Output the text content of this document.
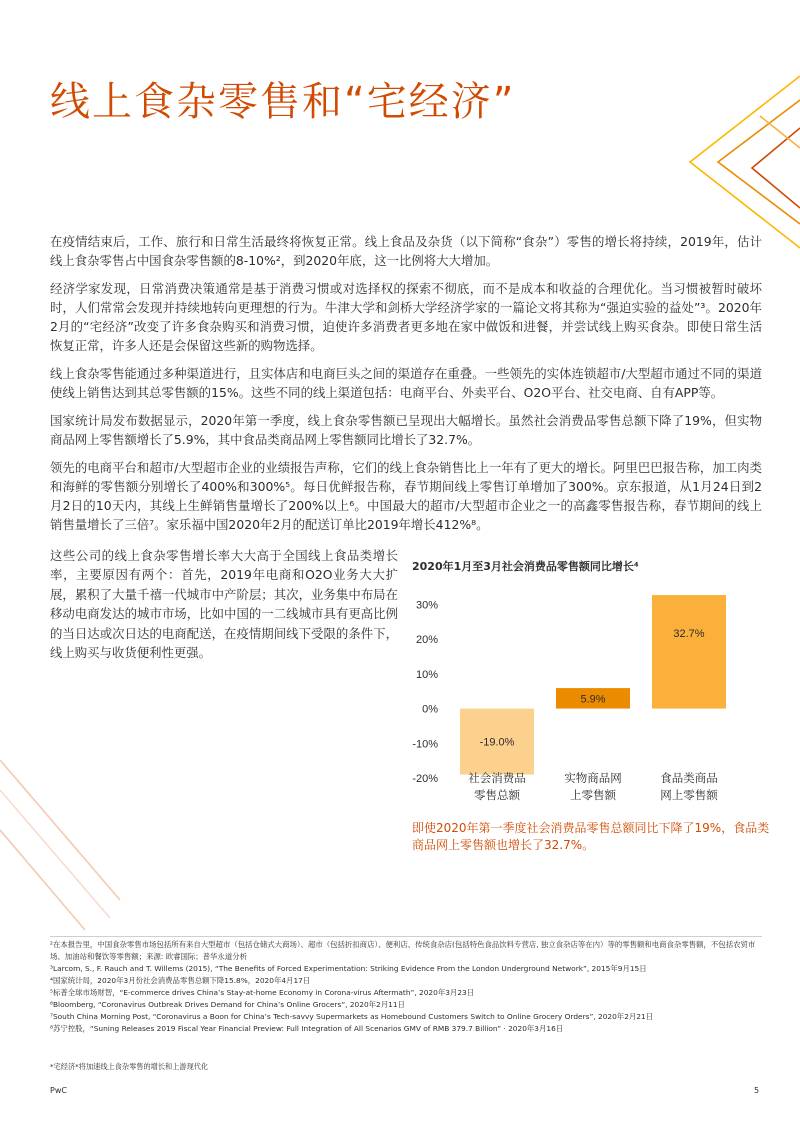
线上食杂零售和“宅经济”

在疫情结束后，工作、旅行和日常生活最终将恢复正常。线上食品及杂货（以下简称“食杂”）零售的增长将持续，2019年，估计线上食杂零售占中国食杂零售额的8-10%²，到2020年底，这一比例将大大增加。

经济学家发现，日常消费决策通常是基于消费习惯或对选择权的探索不彻底，而不是成本和收益的合理优化。当习惯被暂时破坏时，人们常常会发现并持续地转向更理想的行为。牛津大学和剑桥大学经济学家的一篇论文将其称为“强迫实验的益处”³。2020年2月的“宅经济”改变了许多食杂购买和消费习惯，迫使许多消费者更多地在家中做饭和进餐，并尝试线上购买食杂。即使日常生活恢复正常，许多人还是会保留这些新的购物选择。

线上食杂零售能通过多种渠道进行，且实体店和电商巨头之间的渠道存在重叠。一些领先的实体连锁超市/大型超市通过不同的渠道使线上销售达到其总零售额的15%。这些不同的线上渠道包括：电商平台、外卖平台、O2O平台、社交电商、自有APP等。

国家统计局发布数据显示，2020年第一季度，线上食杂零售额已呈现出大幅增长。虽然社会消费品零售总额下降了19%，但实物商品网上零售额增长了5.9%，其中食品类商品网上零售额同比增长了32.7%。

领先的电商平台和超市/大型超市企业的业绩报告声称，它们的线上食杂销售比上一年有了更大的增长。阿里巴巴报告称，加工肉类和海鲜的零售额分别增长了400%和300%⁵。每日优鲜报告称，春节期间线上零售订单增加了300%。京东报道，从1月24日到2月2日的10天内，其线上生鲜销售量增长了200%以上⁶。中国最大的超市/大型超市企业之一的高鑫零售报告称，春节期间的线上销售量增长了三倍⁷。家乐福中国2020年2月的配送订单比2019年增长412%⁸。

这些公司的线上食杂零售增长率大大高于全国线上食品类增长率，主要原因有两个：首先，2019年电商和O2O业务大大扩展，累积了大量千禧一代城市中产阶层；其次，业务集中布局在移动电商发达的城市市场，比如中国的一二线城市具有更高比例的当日达或次日达的电商配送，在疫情期间线下受限的条件下，线上购买与收货便利性更强。

2020年1月至3月社会消费品零售额同比增长⁴
30%
20%
10%
0%
-10%
-20%
-19.0%
社会消费品
零售总额
5.9%
实物商品网
上零售额
32.7%
食品类商品
网上零售额
即使2020年第一季度社会消费品零售总额同比下降了19%，食品类商品网上零售额也增长了32.7%。
²在本报告里，中国食杂零售市场包括所有来自大型超市（包括仓储式大商场）、超市（包括折扣商店）、便利店、传统食杂店(包括特色食品饮料专营店, 独立食杂店等在内）等的零售额和电商食杂零售额，不包括农贸市场、加油站和餐饮等零售额；来源: 欧睿国际；普华永道分析
³Larcom, S., F. Rauch and T. Willems (2015), “The Benefits of Forced Experimentation: Striking Evidence From the London Underground Network”, 2015年9月15日
⁴国家统计局，2020年3月份社会消费品零售总额下降15.8%，2020年4月17日
⁵标普全球市场财智，“E-commerce drives China’s Stay-at-home Economy in Corona-virus Aftermath”, 2020年3月23日
⁶Bloomberg, “Coronavirus Outbreak Drives Demand for China’s Online Grocers”, 2020年2月11日
⁷South China Morning Post, “Coronavirus a Boon for China’s Tech-savvy Supermarkets as Homebound Customers Switch to Online Grocery Orders”, 2020年2月21日
⁸苏宁控股，“Suning Releases 2019 Fiscal Year Financial Preview: Full Integration of All Scenarios GMV of RMB 379.7 Billion” · 2020年3月16日
*宅经济*将加速线上食杂零售的增长和上游现代化
PwC	5
